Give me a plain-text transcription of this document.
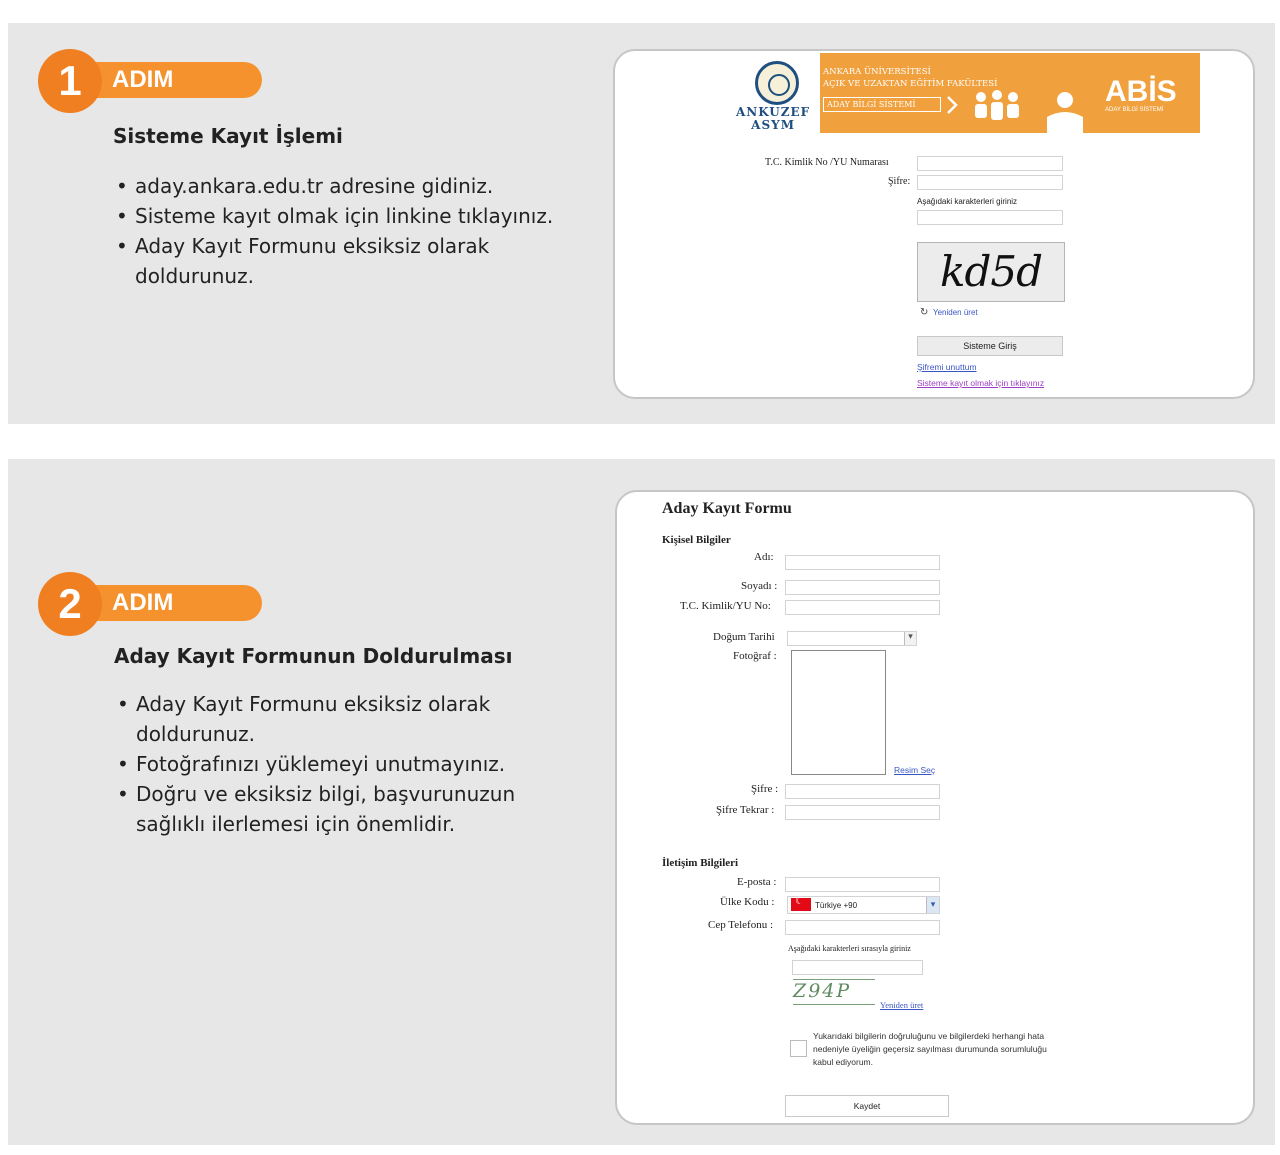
1	ADIM
Sisteme Kayıt İşlemi
• aday.ankara.edu.tr adresine gidiniz.
• Sisteme kayıt olmak için linkine tıklayınız.
• Aday Kayıt Formunu eksiksiz olarak
doldurunuz.
ANKUZEF
ASYM
ANKARA ÜNİVERSİTESİ
AÇIK VE UZAKTAN EĞİTİM FAKÜLTESİ
ADAY BİLGİ SİSTEMİ	ABİS
ADAY BİLGİ SİSTEMİ
T.C. Kimlik No /YU Numarası
Şifre:
Aşağıdaki karakterleri giriniz
kd5d
↻ Yeniden üret
Sisteme Giriş
Şifremi unuttum
Sisteme kayıt olmak için tıklayınız
2	ADIM
Aday Kayıt Formunun Doldurulması
• Aday Kayıt Formunu eksiksiz olarak
doldurunuz.
• Fotoğrafınızı yüklemeyi unutmayınız.
• Doğru ve eksiksiz bilgi, başvurunuzun
sağlıklı ilerlemesi için önemlidir.
Aday Kayıt Formu
Kişisel Bilgiler
Adı:
Soyadı :
T.C. Kimlik/YU No:
Doğum Tarihi	▾
Fotoğraf :
Resim Seç
Şifre :
Şifre Tekrar :
İletişim Bilgileri
E-posta :
Ülke Kodu :	▾
☾
Türkiye +90
Cep Telefonu :
Aşağıdaki karakterleri sırasıyla giriniz
Z94P
Yeniden üret
Yukarıdaki bilgilerin doğruluğunu ve bilgilerdeki herhangi hata
nedeniyle üyeliğin geçersiz sayılması durumunda sorumluluğu
kabul ediyorum.
Kaydet
